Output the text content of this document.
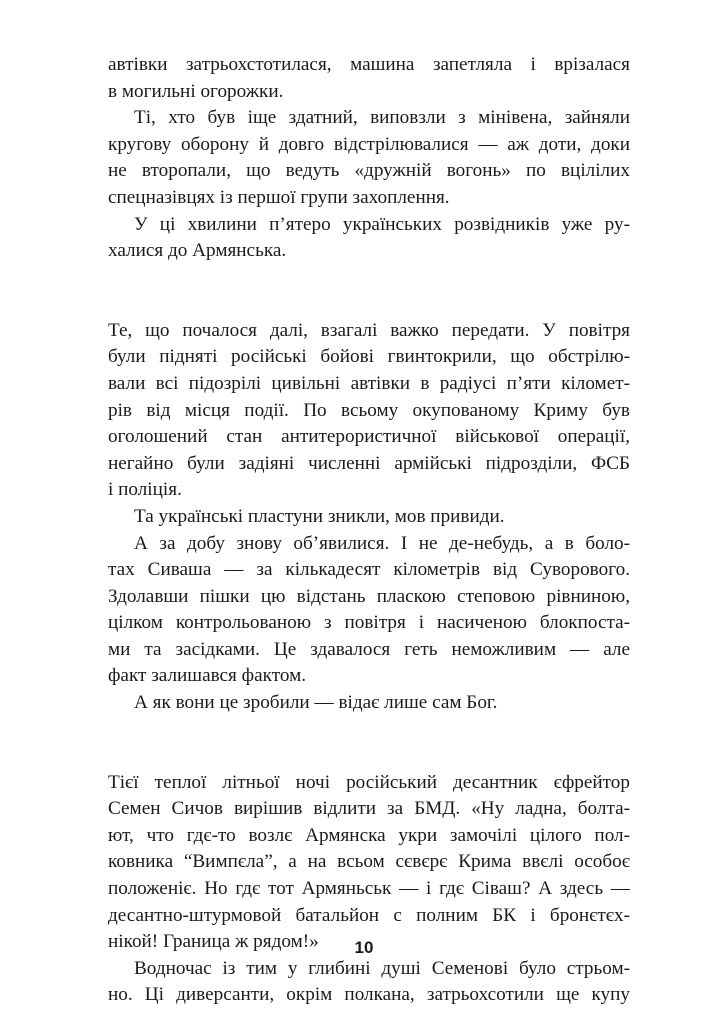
автівки затрьохстотилася, машина запетляла і врізалася
в могильні огорожки.
Ті, хто був іще здатний, виповзли з мінівена, зайняли
кругову оборону й довго відстрілювалися — аж доти, доки
не второпали, що ведуть «дружній вогонь» по вцілілих
спецназівцях із першої групи захоплення.
У ці хвилини п’ятеро українських розвідників уже ру-
халися до Армянська.
Те, що почалося далі, взагалі важко передати. У повітря
були підняті російські бойові гвинтокрили, що обстрілю-
вали всі підозрілі цивільні автівки в радіусі п’яти кіломет-
рів від місця події. По всьому окупованому Криму був
оголошений стан антитерористичної військової операції,
негайно були задіяні численні армійські підрозділи, ФСБ
і поліція.
Та українські пластуни зникли, мов привиди.
А за добу знову об’явилися. І не де-небудь, а в боло-
тах Сиваша — за кількадесят кілометрів від Суворового.
Здолавши пішки цю відстань пласкою степовою рівниною,
цілком контрольованою з повітря і насиченою блокпоста-
ми та засідками. Це здавалося геть неможливим — але
факт залишався фактом.
А як вони це зробили — відає лише сам Бог.
Тієї теплої літньої ночі російський десантник єфрейтор
Семен Сичов вирішив відлити за БМД. «Ну ладна, болта-
ют, что гдє-то возлє Армянска укри замочілі цілого пол-
ковника “Вимпєла”, а на всьом сєвєрє Крима ввєлі особоє
положеніє. Но гдє тот Армяньськ — і гдє Сіваш? А здесь —
десантно-штурмовой батальйон с полним БК і бронєтєх-
нікой! Граница ж рядом!»
Водночас із тим у глибині душі Семенові було стрьом-
но. Ці диверсанти, окрім полкана, затрьохсотили ще купу
10
